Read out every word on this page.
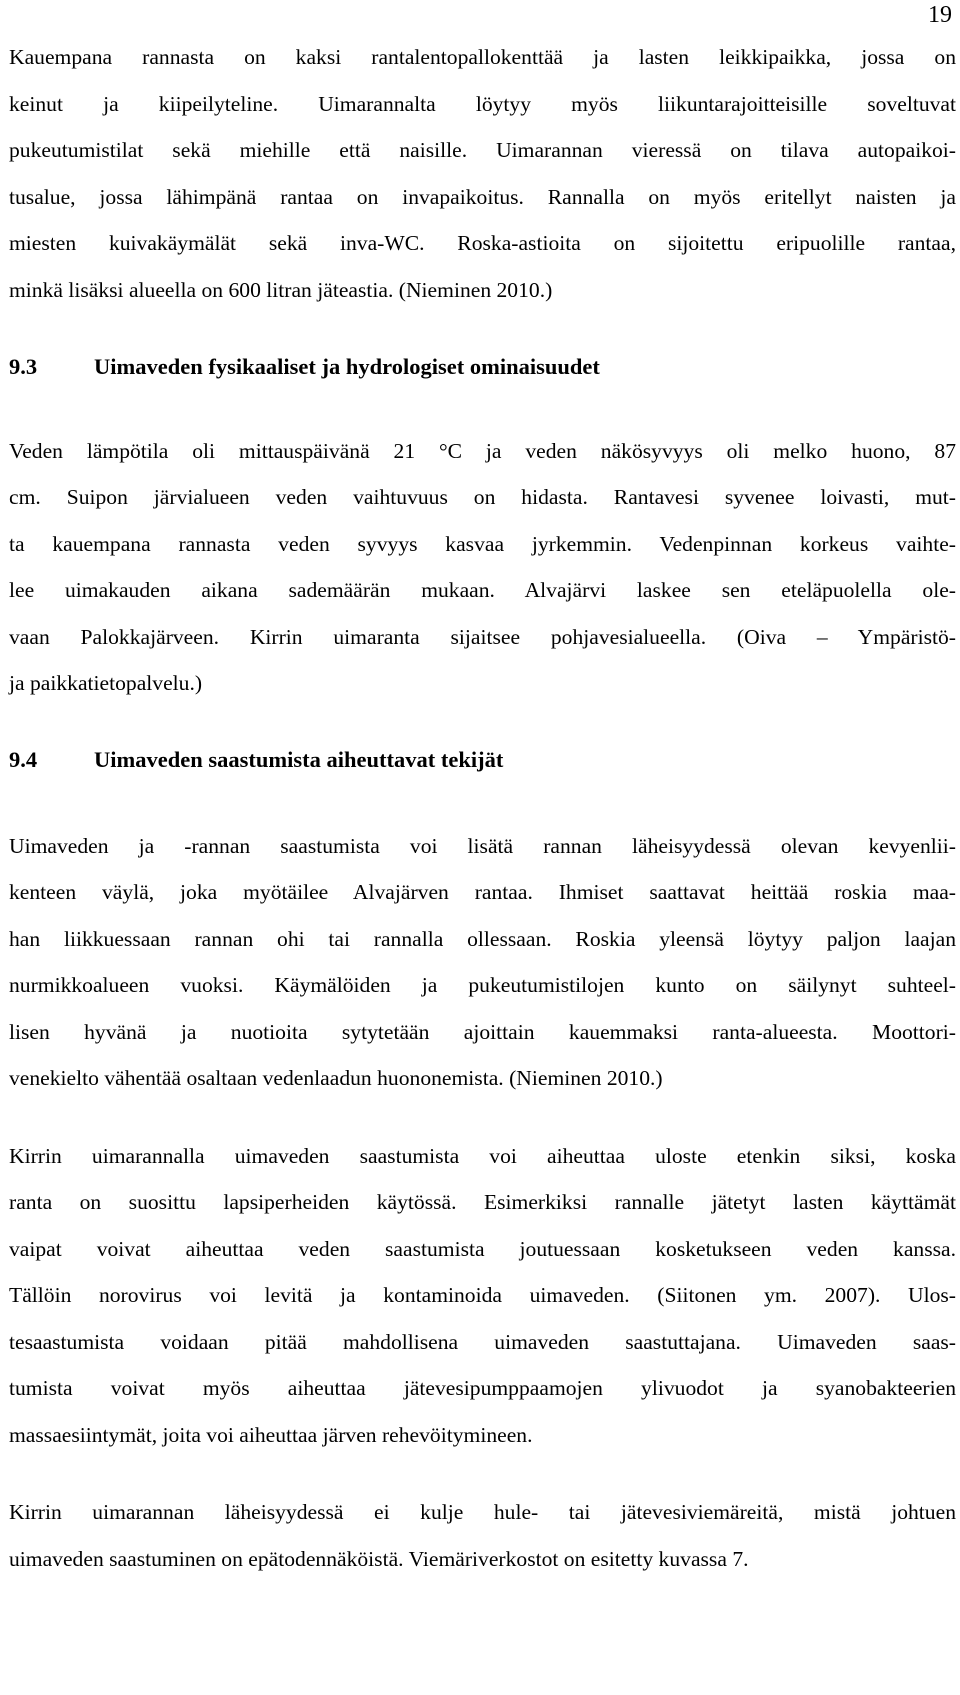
19
Kauempana rannasta on kaksi rantalentopallokenttää ja lasten leikkipaikka, jossa on
keinut ja kiipeilyteline. Uimarannalta löytyy myös liikuntarajoitteisille soveltuvat
pukeutumistilat sekä miehille että naisille. Uimarannan vieressä on tilava autopaikoi-
tusalue, jossa lähimpänä rantaa on invapaikoitus. Rannalla on myös eritellyt naisten ja
miesten kuivakäymälät sekä inva-WC. Roska-astioita on sijoitettu eripuolille rantaa,
minkä lisäksi alueella on 600 litran jäteastia. (Nieminen 2010.)
9.3	Uimaveden fysikaaliset ja hydrologiset ominaisuudet
Veden lämpötila oli mittauspäivänä 21 °C ja veden näkösyvyys oli melko huono, 87
cm. Suipon järvialueen veden vaihtuvuus on hidasta. Rantavesi syvenee loivasti, mut-
ta kauempana rannasta veden syvyys kasvaa jyrkemmin. Vedenpinnan korkeus vaihte-
lee uimakauden aikana sademäärän mukaan. Alvajärvi laskee sen eteläpuolella ole-
vaan Palokkajärveen. Kirrin uimaranta sijaitsee pohjavesialueella. (Oiva – Ympäristö-
ja paikkatietopalvelu.)
9.4	Uimaveden saastumista aiheuttavat tekijät
Uimaveden ja -rannan saastumista voi lisätä rannan läheisyydessä olevan kevyenlii-
kenteen väylä, joka myötäilee Alvajärven rantaa. Ihmiset saattavat heittää roskia maa-
han liikkuessaan rannan ohi tai rannalla ollessaan. Roskia yleensä löytyy paljon laajan
nurmikkoalueen vuoksi. Käymälöiden ja pukeutumistilojen kunto on säilynyt suhteel-
lisen hyvänä ja nuotioita sytytetään ajoittain kauemmaksi ranta-alueesta. Moottori-
venekielto vähentää osaltaan vedenlaadun huononemista. (Nieminen 2010.)
Kirrin uimarannalla uimaveden saastumista voi aiheuttaa uloste etenkin siksi, koska
ranta on suosittu lapsiperheiden käytössä. Esimerkiksi rannalle jätetyt lasten käyttämät
vaipat voivat aiheuttaa veden saastumista joutuessaan kosketukseen veden kanssa.
Tällöin norovirus voi levitä ja kontaminoida uimaveden. (Siitonen ym. 2007). Ulos-
tesaastumista voidaan pitää mahdollisena uimaveden saastuttajana. Uimaveden saas-
tumista voivat myös aiheuttaa jätevesipumppaamojen ylivuodot ja syanobakteerien
massaesiintymät, joita voi aiheuttaa järven rehevöitymineen.
Kirrin uimarannan läheisyydessä ei kulje hule- tai jätevesiviemäreitä, mistä johtuen
uimaveden saastuminen on epätodennäköistä. Viemäriverkostot on esitetty kuvassa 7.
